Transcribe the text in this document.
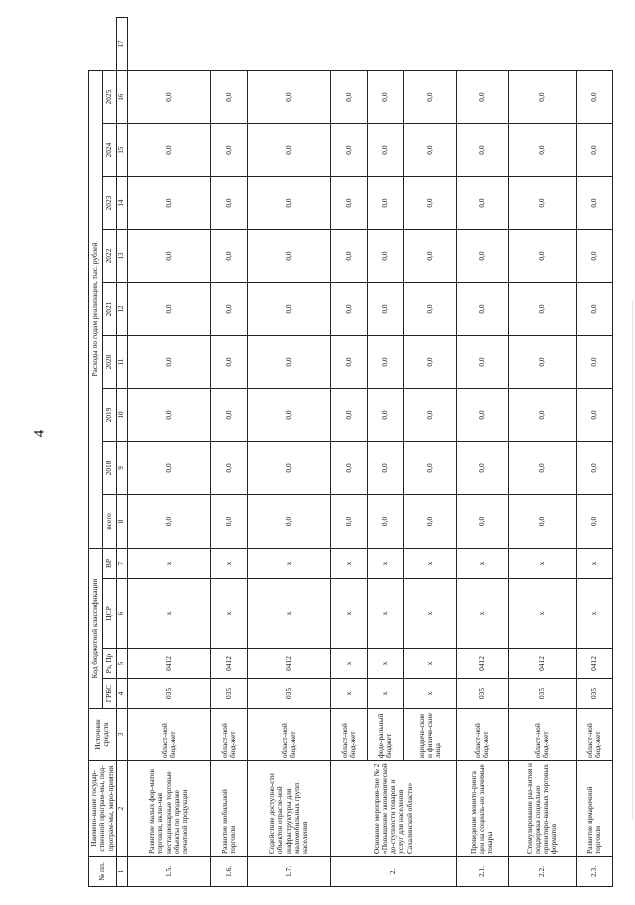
4
№ пп.	Наимено-вание государ-ственной програм-мы, под-програм-мы, меро-приятия	Источник средств	Код бюджетной классификации				Расходы по годам реализации, тыс. рублей									
			ГРБС	Рз, Пр	ЦСР	ВР	всего	2018	2019	2020	2021	2022	2023	2024	2025	
1	2	3	4	5	6	7	8	9	10	11	12	13	14	15	16	17
1.5.	Развитие малых фор-матов торговли, вклю-чая нестационарные торговые объекты по продаже печатной продукции	област-ной бюд-жет	035	0412	х	х	0,0	0,0	0,0	0,0	0,0	0,0	0,0	0,0	0,0	
1.6.	Развитие мобильной торговли	област-ной бюд-жет	035	0412	х	х	0,0	0,0	0,0	0,0	0,0	0,0	0,0	0,0	0,0	
1.7.	Содействие доступно-сти объектов отрасле-вой инфраструктуры для маломобильных групп населения	област-ной бюд-жет	035	0412	х	х	0,0	0,0	0,0	0,0	0,0	0,0	0,0	0,0	0,0	
2.	Основное мероприя-тие № 2 «Повышение экономической до-ступности товаров и услуг для населения Сахалинской области»	област-ной бюд-жет	х	х	х	х	0,0	0,0	0,0	0,0	0,0	0,0	0,0	0,0	0,0	
		феде-ральный бюджет	х	х	х	х	0,0	0,0	0,0	0,0	0,0	0,0	0,0	0,0	0,0	
		юридиче-ские и физиче-ские лица	х	х	х	х	0,0	0,0	0,0	0,0	0,0	0,0	0,0	0,0	0,0	
2.1.	Проведение монито-ринга цен на социаль-но значимые товары	област-ной бюд-жет	035	0412	х	х	0,0	0,0	0,0	0,0	0,0	0,0	0,0	0,0	0,0	
2.2.	Стимулирование раз-вития и поддержка социально ориентиро-ванных торговых форматов	област-ной бюд-жет	035	0412	х	х	0,0	0,0	0,0	0,0	0,0	0,0	0,0	0,0	0,0	
2.3.	Развитие ярмарочной торговли	област-ной бюд-жет	035	0412	х	х	0,0	0,0	0,0	0,0	0,0	0,0	0,0	0,0	0,0	
